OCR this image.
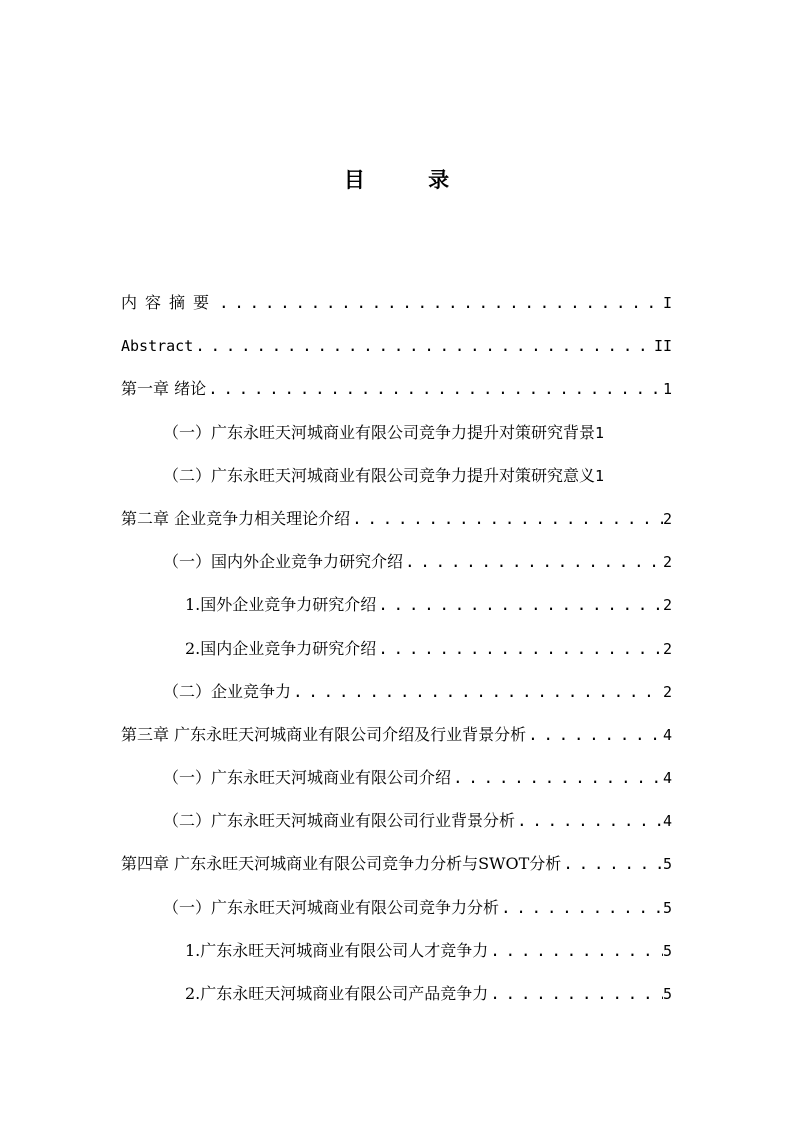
目 录
内容摘要 . . .	I
Abstract . . .	II
第一章 绪论 . . .	1
（一）广东永旺天河城商业有限公司竞争力提升对策研究背景 1
（二）广东永旺天河城商业有限公司竞争力提升对策研究意义 1
第二章 企业竞争力相关理论介绍 . . .	2
（一）国内外企业竞争力研究介绍 . . .	2
1.国外企业竞争力研究介绍 . . .	2
2.国内企业竞争力研究介绍 . . .	2
（二）企业竞争力 . . .	2
第三章 广东永旺天河城商业有限公司介绍及行业背景分析 . . .	4
（一）广东永旺天河城商业有限公司介绍 . . .	4
（二）广东永旺天河城商业有限公司行业背景分析 . . .	4
第四章 广东永旺天河城商业有限公司竞争力分析与SWOT分析 . . .	5
（一）广东永旺天河城商业有限公司竞争力分析 . . .	5
1.广东永旺天河城商业有限公司人才竞争力 . . .	5
2.广东永旺天河城商业有限公司产品竞争力 . . .	5
